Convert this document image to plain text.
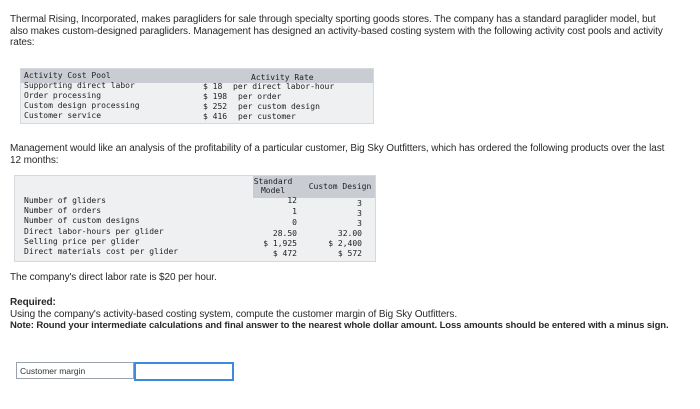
Thermal Rising, Incorporated, makes paragliders for sale through specialty sporting goods stores. The company has a standard paraglider model, but also makes custom-designed paragliders. Management has designed an activity-based costing system with the following activity cost pools and activity rates:
Activity Cost Pool	Activity Rate
Supporting direct labor	$ 18 per direct labor-hour
Order processing	$ 198 per order
Custom design processing	$ 252 per custom design
Customer service	$ 416 per customer
Management would like an analysis of the profitability of a particular customer, Big Sky Outfitters, which has ordered the following products over the last 12 months:
Standard
Model	Custom Design
Number of gliders	12	3
Number of orders	1	3
Number of custom designs	0	3
Direct labor-hours per glider	28.50	32.00
Selling price per glider	$ 1,925	$ 2,400
Direct materials cost per glider	$ 472	$ 572
The company's direct labor rate is $20 per hour.
Required:
Using the company's activity-based costing system, compute the customer margin of Big Sky Outfitters.
Note: Round your intermediate calculations and final answer to the nearest whole dollar amount. Loss amounts should be entered with a minus sign.
Customer margin
